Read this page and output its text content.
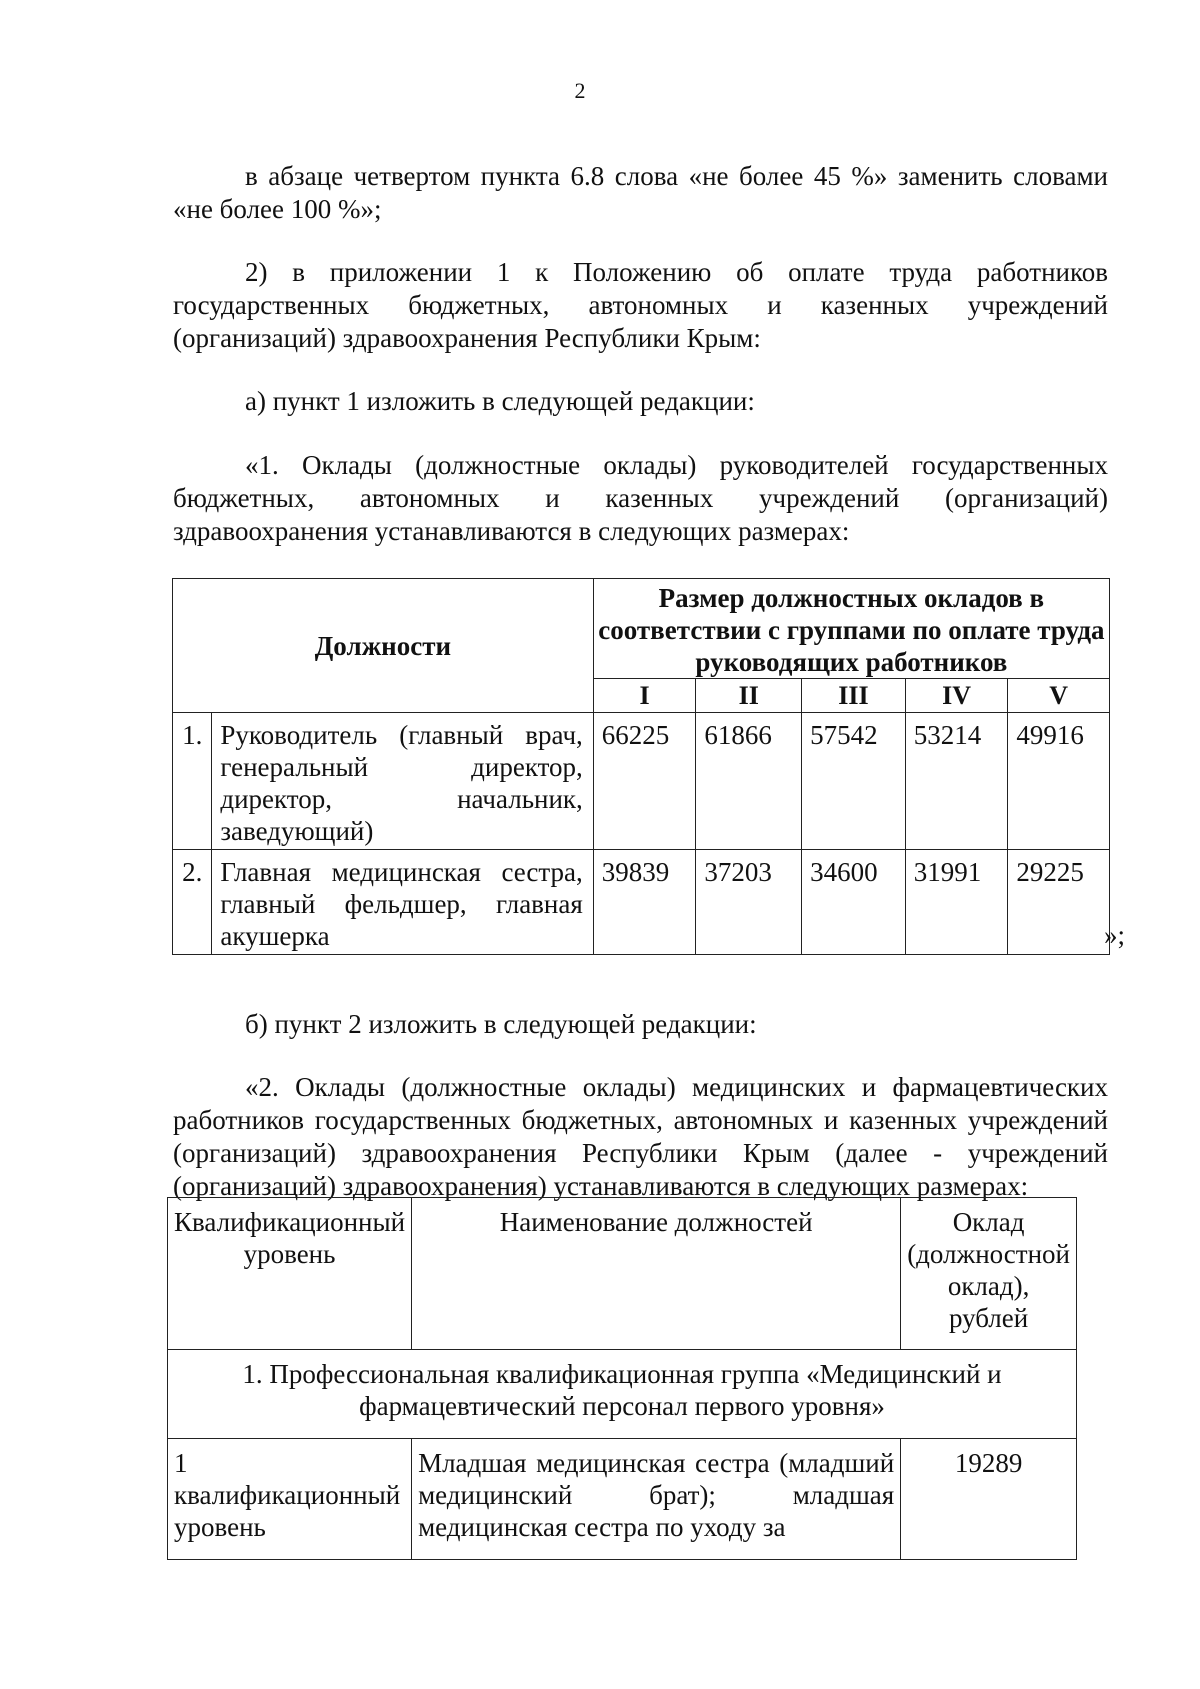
2

в абзаце четвертом пункта 6.8 слова «не более 45 %» заменить словами «не более 100 %»;

2) в приложении 1 к Положению об оплате труда работников государственных бюджетных, автономных и казенных учреждений (организаций) здравоохранения Республики Крым:

а) пункт 1 изложить в следующей редакции:

«1. Оклады (должностные оклады) руководителей государственных бюджетных, автономных и казенных учреждений (организаций) здравоохранения устанавливаются в следующих размерах:

Должности		Размер должностных окладов в соответствии с группами по оплате труда руководящих работников				
		I	II	III	IV	V
1.	Руководитель (главный врач, генеральный директор, директор, начальник, заведующий)	66225	61866	57542	53214	49916
2.	Главная медицинская сестра, главный фельдшер, главная акушерка	39839	37203	34600	31991	29225
»;

б) пункт 2 изложить в следующей редакции:

«2. Оклады (должностные оклады) медицинских и фармацевтических работников государственных бюджетных, автономных и казенных учреждений (организаций) здравоохранения Республики Крым (далее - учреждений (организаций) здравоохранения) устанавливаются в следующих размерах:

Квалификационный уровень	Наименование должностей	Оклад (должностной оклад), рублей
1. Профессиональная квалификационная группа «Медицинский и фармацевтический персонал первого уровня»		
1 квалификационный уровень	Младшая медицинская сестра (младший медицинский брат); младшая медицинская сестра по уходу за	19289
